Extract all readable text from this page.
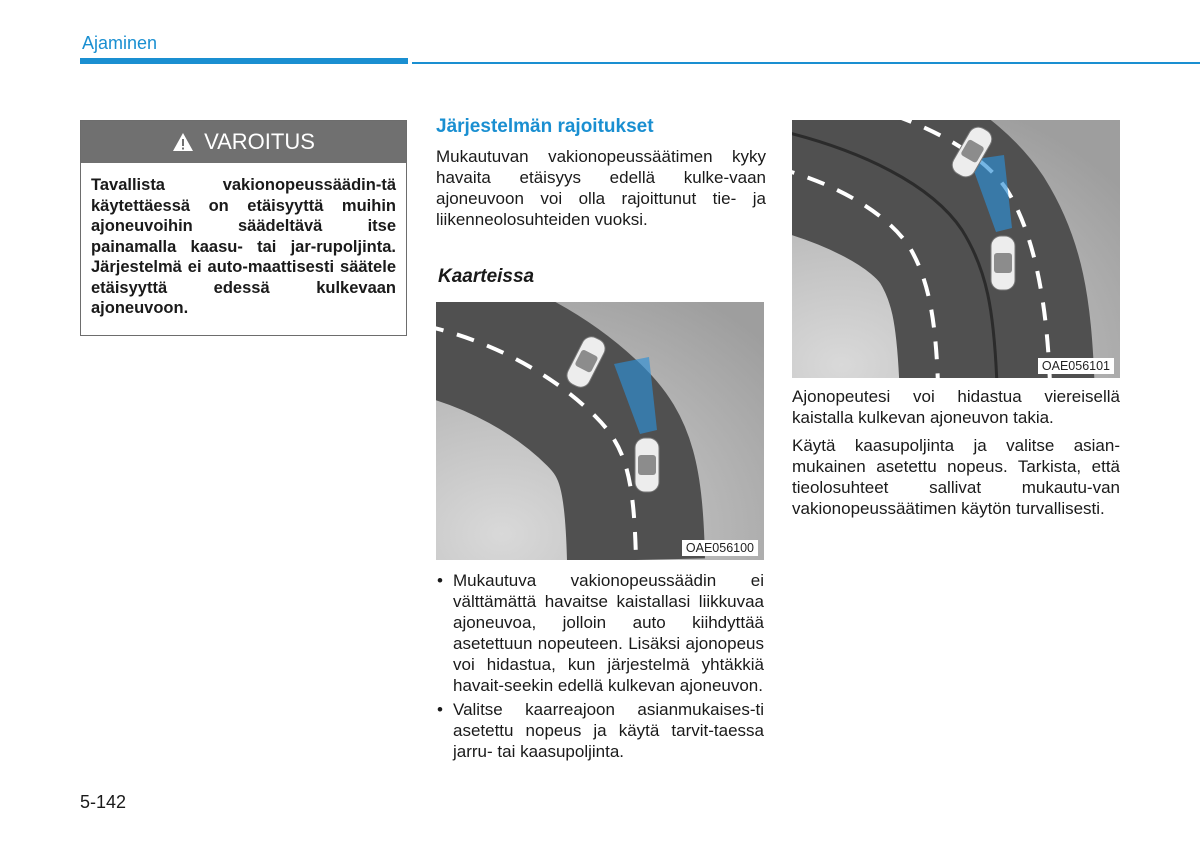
Ajaminen
VAROITUS
Tavallista vakionopeussäädin-tä käytettäessä on etäisyyttä muihin ajoneuvoihin säädeltävä itse painamalla kaasu- tai jar-rupoljinta. Järjestelmä ei auto-maattisesti säätele etäisyyttä edessä kulkevaan ajoneuvoon.
Järjestelmän rajoitukset

Mukautuvan vakionopeussäätimen kyky havaita etäisyys edellä kulke-vaan ajoneuvoon voi olla rajoittunut tie- ja liikenneolosuhteiden vuoksi.

Kaarteissa
OAE056100
OAE056101
• Mukautuva vakionopeussäädin ei välttämättä havaitse kaistallasi liikkuvaa ajoneuvoa, jolloin auto kiihdyttää asetettuun nopeuteen. Lisäksi ajonopeus voi hidastua, kun järjestelmä yhtäkkiä havait-seekin edellä kulkevan ajoneuvon.
• Valitse kaarreajoon asianmukaises-ti asetettu nopeus ja käytä tarvit-taessa jarru- tai kaasupoljinta.

Ajonopeutesi voi hidastua viereisellä kaistalla kulkevan ajoneuvon takia.

Käytä kaasupoljinta ja valitse asian-mukainen asetettu nopeus. Tarkista, että tieolosuhteet sallivat mukautu-van vakionopeussäätimen käytön turvallisesti.

5-142
